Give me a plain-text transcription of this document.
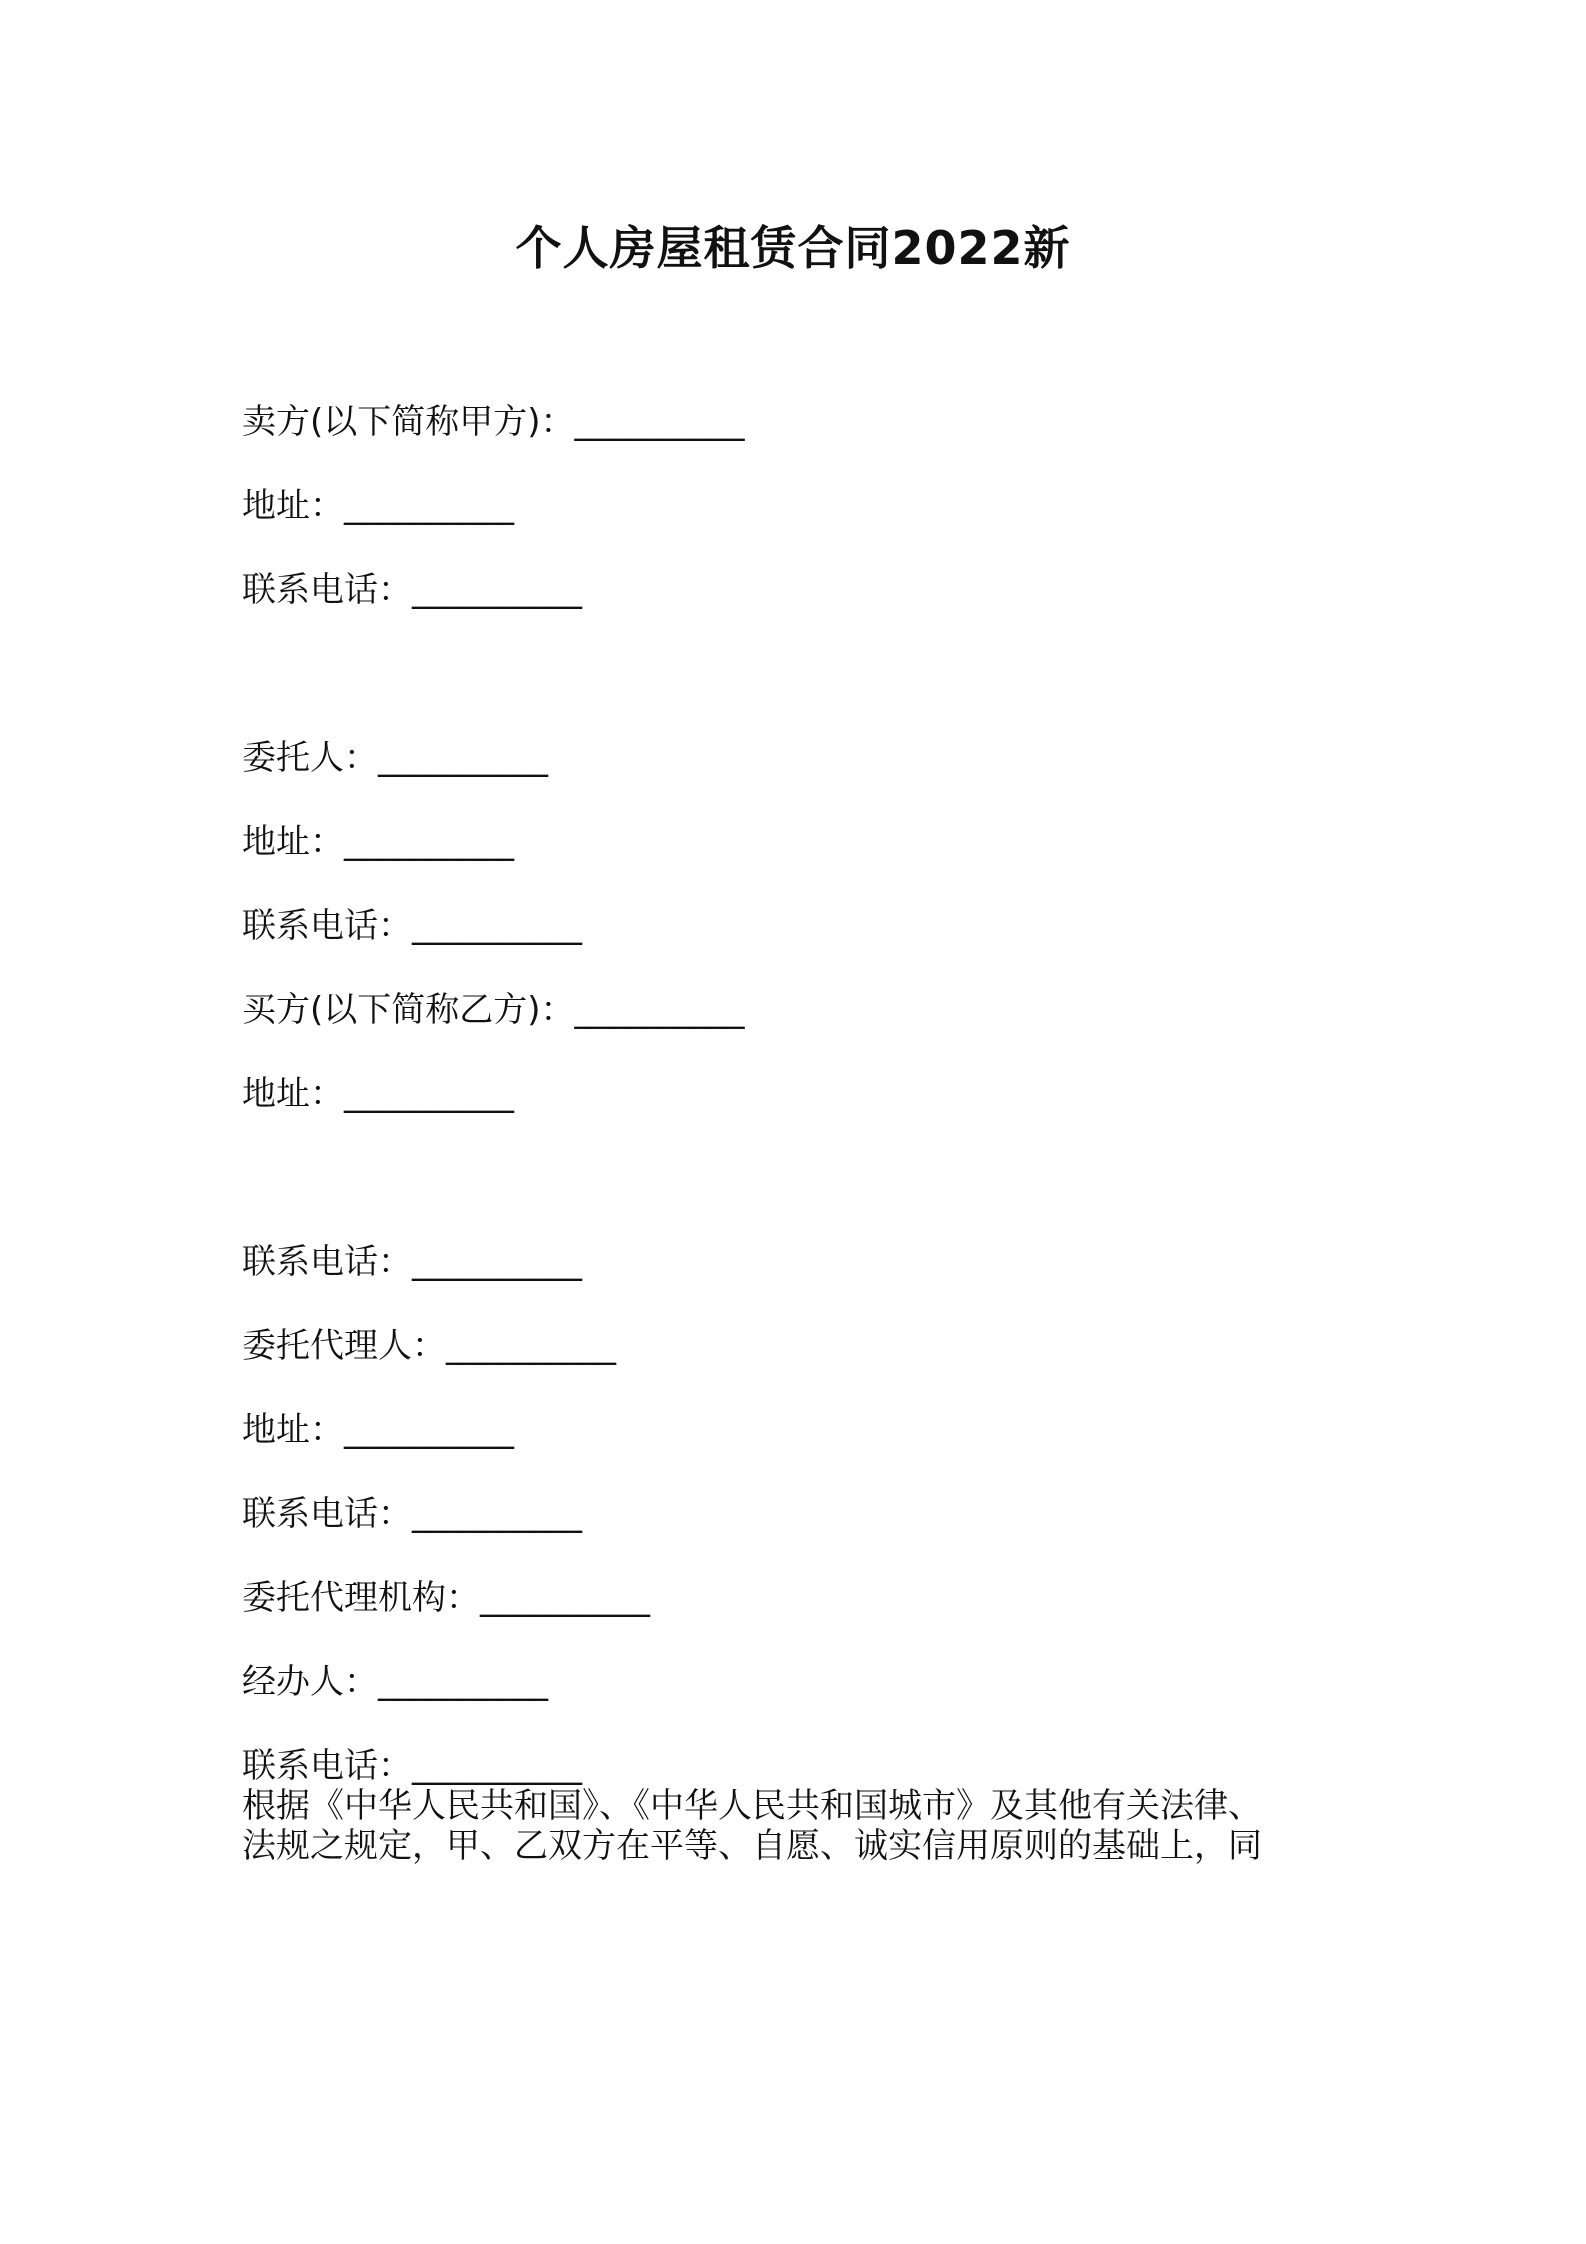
个人房屋租赁合同2022新

卖方(以下简称甲方)：__________

地址：__________

联系电话：__________

委托人：__________

地址：__________

联系电话：__________

买方(以下简称乙方)：__________

地址：__________

联系电话：__________

委托代理人：__________

地址：__________

联系电话：__________

委托代理机构：__________

经办人：__________

联系电话：__________

根据《中华人民共和国》、《中华人民共和国城市》及其他有关法律、

法规之规定，甲、乙双方在平等、自愿、诚实信用原则的基础上，同
